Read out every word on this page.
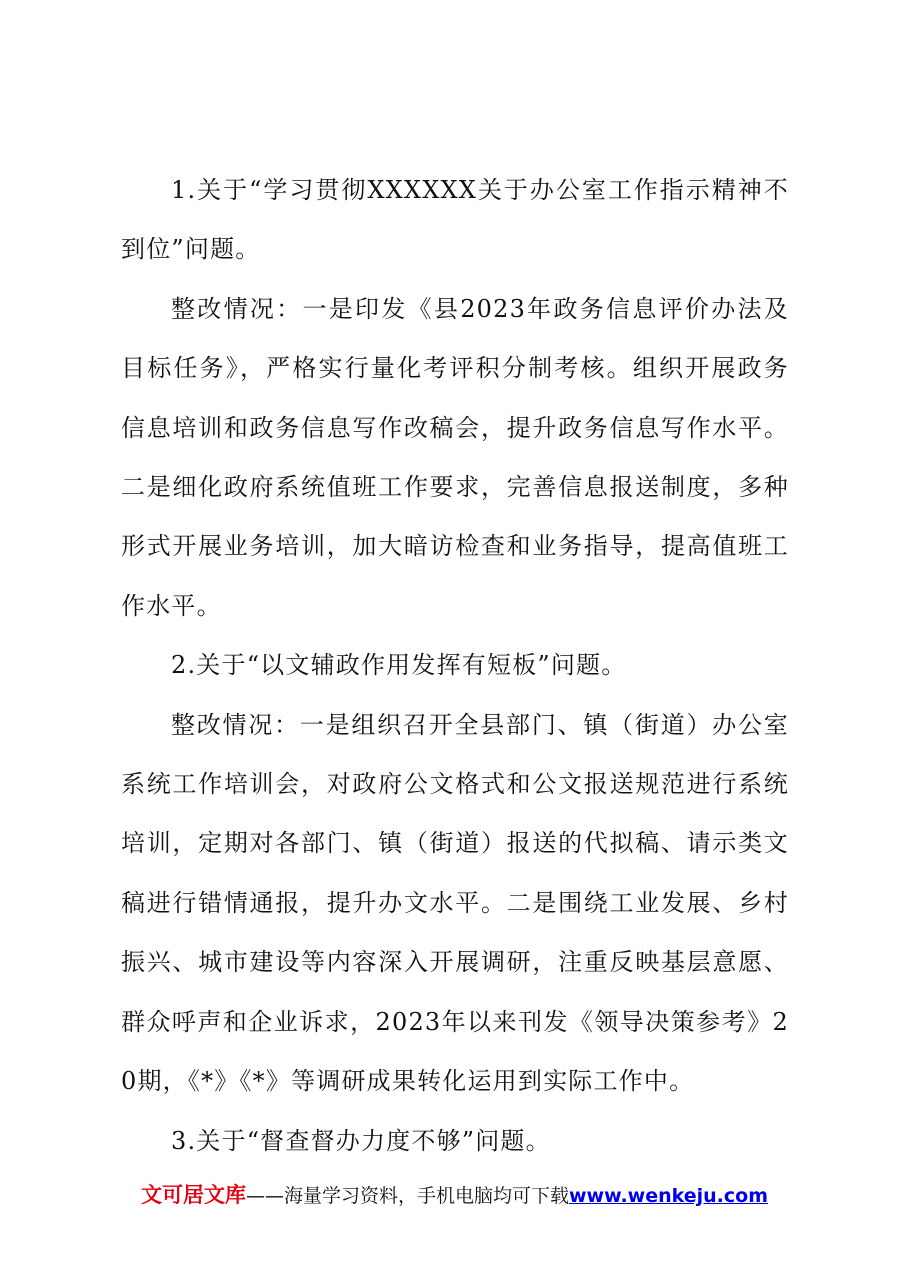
1.关于“学习贯彻XXXXXX关于办公室工作指示精神不到位”问题。

整改情况：一是印发《县2023年政务信息评价办法及目标任务》，严格实行量化考评积分制考核。组织开展政务信息培训和政务信息写作改稿会，提升政务信息写作水平。二是细化政府系统值班工作要求，完善信息报送制度，多种形式开展业务培训，加大暗访检查和业务指导，提高值班工作水平。

2.关于“以文辅政作用发挥有短板”问题。

整改情况：一是组织召开全县部门、镇（街道）办公室系统工作培训会，对政府公文格式和公文报送规范进行系统培训，定期对各部门、镇（街道）报送的代拟稿、请示类文稿进行错情通报，提升办文水平。二是围绕工业发展、乡村振兴、城市建设等内容深入开展调研，注重反映基层意愿、群众呼声和企业诉求，2023年以来刊发《领导决策参考》20期，《*》《*》等调研成果转化运用到实际工作中。

3.关于“督查督办力度不够”问题。

文可居文库——海量学习资料，手机电脑均可下载www.wenkeju.com
